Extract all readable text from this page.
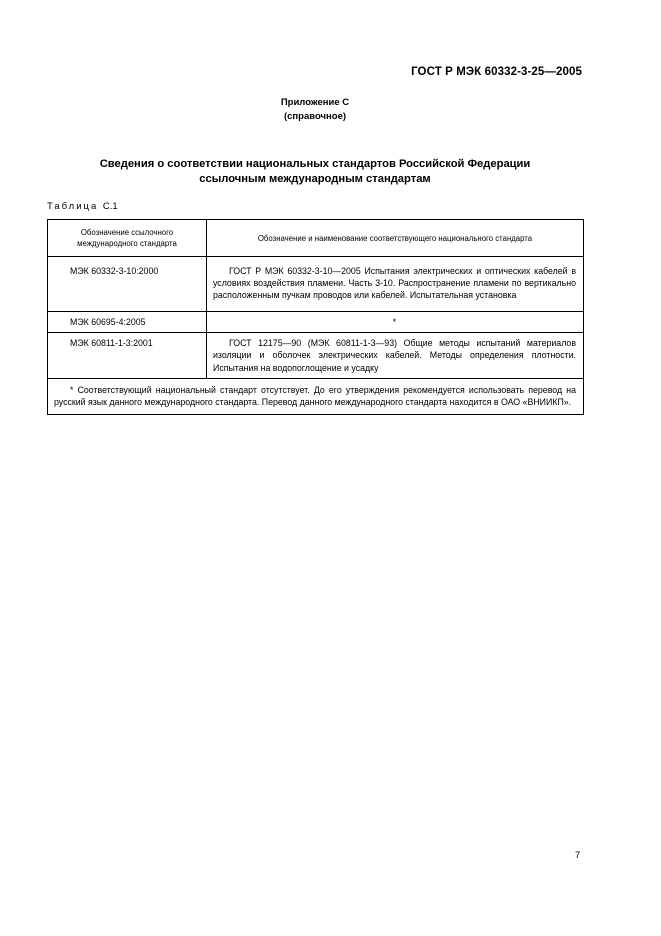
ГОСТ Р МЭК 60332-3-25—2005
Приложение С
(справочное)
Сведения о соответствии национальных стандартов Российской Федерации
ссылочным международным стандартам
Таблица С.1
Обозначение ссылочного
международного стандарта	Обозначение и наименование соответствующего национального стандарта
МЭК 60332-3-10:2000	ГОСТ Р МЭК 60332-3-10—2005 Испытания электрических и оптических кабелей в условиях воздействия пламени. Часть 3-10. Распространение пламени по вертикально расположенным пучкам проводов или кабелей. Испытательная установка
МЭК 60695-4:2005	*
МЭК 60811-1-3:2001	ГОСТ 12175—90 (МЭК 60811-1-3—93) Общие методы испытаний материалов изоляции и оболочек электрических кабелей. Методы определения плотности. Испытания на водопоглощение и усадку
* Соответствующий национальный стандарт отсутствует. До его утверждения рекомендуется использовать перевод на русский язык данного международного стандарта. Перевод данного международного стандарта находится в ОАО «ВНИИКП».	
7
